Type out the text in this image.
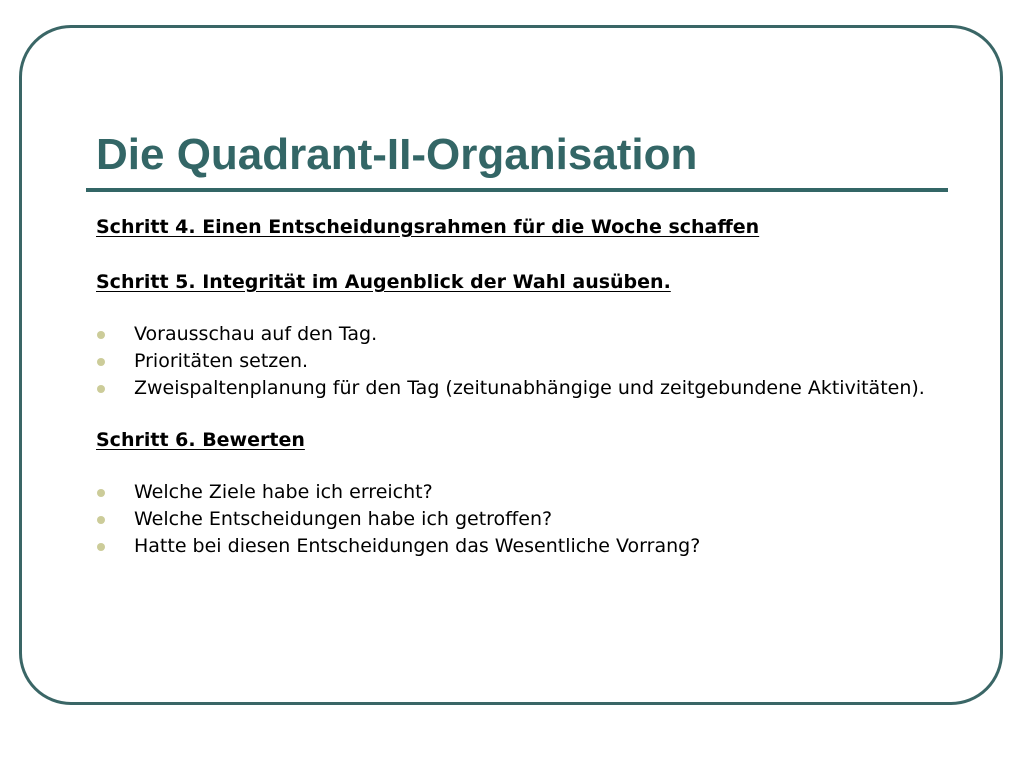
Die Quadrant-II-Organisation

Schritt 4. Einen Entscheidungsrahmen für die Woche schaffen

Schritt 5. Integrität im Augenblick der Wahl ausüben.

Vorausschau auf den Tag.
Prioritäten setzen.
Zweispaltenplanung für den Tag (zeitunabhängige und zeitgebundene Aktivitäten).

Schritt 6. Bewerten

Welche Ziele habe ich erreicht?
Welche Entscheidungen habe ich getroffen?
Hatte bei diesen Entscheidungen das Wesentliche Vorrang?
